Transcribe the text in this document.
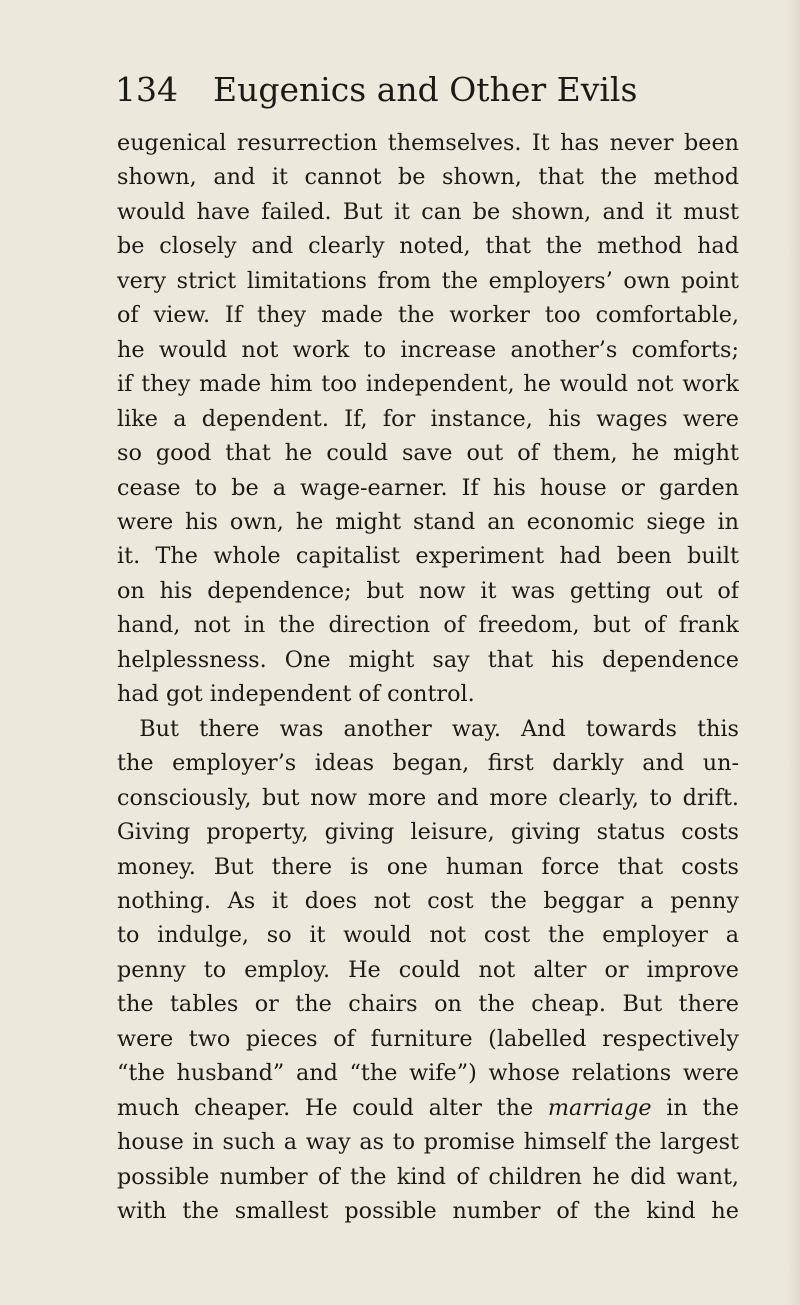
134 Eugenics and Other Evils
eugenical resurrection themselves. It has never been
shown, and it cannot be shown, that the method
would have failed. But it can be shown, and it must
be closely and clearly noted, that the method had
very strict limitations from the employers’ own point
of view. If they made the worker too comfortable,
he would not work to increase another’s comforts;
if they made him too independent, he would not work
like a dependent. If, for instance, his wages were
so good that he could save out of them, he might
cease to be a wage-earner. If his house or garden
were his own, he might stand an economic siege in
it. The whole capitalist experiment had been built
on his dependence; but now it was getting out of
hand, not in the direction of freedom, but of frank
helplessness. One might say that his dependence
had got independent of control.
 But there was another way. And towards this
the employer’s ideas began, first darkly and un-
consciously, but now more and more clearly, to drift.
Giving property, giving leisure, giving status costs
money. But there is one human force that costs
nothing. As it does not cost the beggar a penny
to indulge, so it would not cost the employer a
penny to employ. He could not alter or improve
the tables or the chairs on the cheap. But there
were two pieces of furniture (labelled respectively
“the husband” and “the wife”) whose relations were
much cheaper. He could alter the marriage in the
house in such a way as to promise himself the largest
possible number of the kind of children he did want,
with the smallest possible number of the kind he
